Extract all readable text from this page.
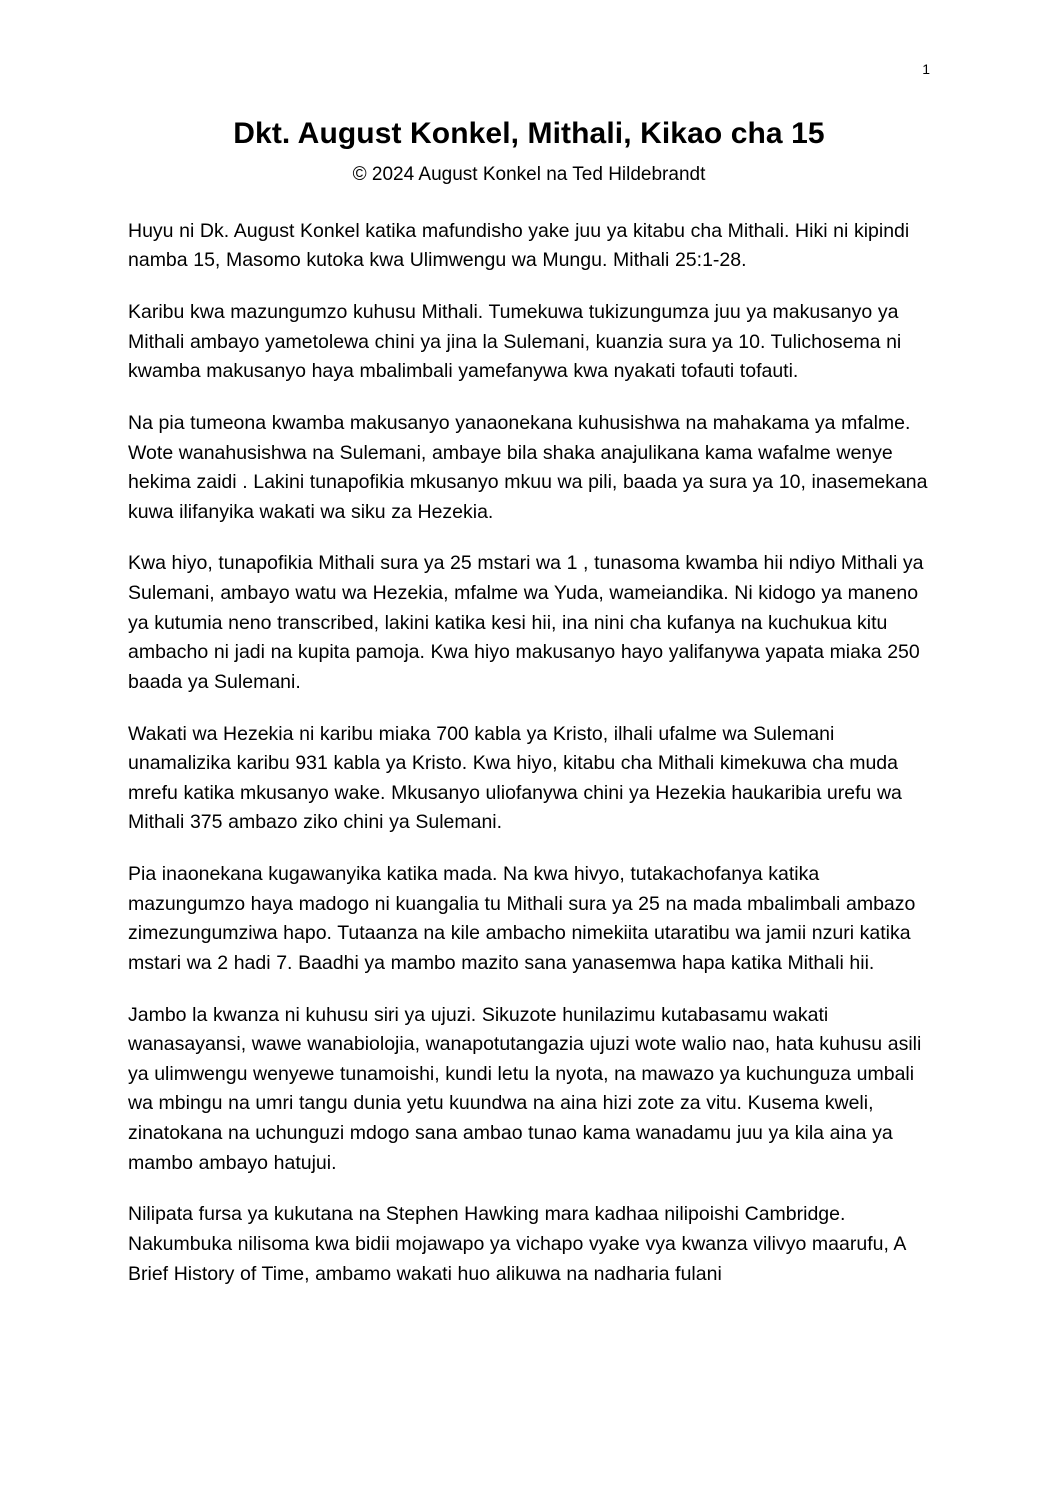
1
Dkt. August Konkel, Mithali, Kikao cha 15
© 2024 August Konkel na Ted Hildebrandt

Huyu ni Dk. August Konkel katika mafundisho yake juu ya kitabu cha Mithali. Hiki ni kipindi namba 15, Masomo kutoka kwa Ulimwengu wa Mungu. Mithali 25:1-28.

Karibu kwa mazungumzo kuhusu Mithali. Tumekuwa tukizungumza juu ya makusanyo ya Mithali ambayo yametolewa chini ya jina la Sulemani, kuanzia sura ya 10. Tulichosema ni kwamba makusanyo haya mbalimbali yamefanywa kwa nyakati tofauti tofauti.

Na pia tumeona kwamba makusanyo yanaonekana kuhusishwa na mahakama ya mfalme. Wote wanahusishwa na Sulemani, ambaye bila shaka anajulikana kama wafalme wenye hekima zaidi . Lakini tunapofikia mkusanyo mkuu wa pili, baada ya sura ya 10, inasemekana kuwa ilifanyika wakati wa siku za Hezekia.

Kwa hiyo, tunapofikia Mithali sura ya 25 mstari wa 1 , tunasoma kwamba hii ndiyo Mithali ya Sulemani, ambayo watu wa Hezekia, mfalme wa Yuda, wameiandika. Ni kidogo ya maneno ya kutumia neno transcribed, lakini katika kesi hii, ina nini cha kufanya na kuchukua kitu ambacho ni jadi na kupita pamoja. Kwa hiyo makusanyo hayo yalifanywa yapata miaka 250 baada ya Sulemani.

Wakati wa Hezekia ni karibu miaka 700 kabla ya Kristo, ilhali ufalme wa Sulemani unamalizika karibu 931 kabla ya Kristo. Kwa hiyo, kitabu cha Mithali kimekuwa cha muda mrefu katika mkusanyo wake. Mkusanyo uliofanywa chini ya Hezekia haukaribia urefu wa Mithali 375 ambazo ziko chini ya Sulemani.

Pia inaonekana kugawanyika katika mada. Na kwa hivyo, tutakachofanya katika mazungumzo haya madogo ni kuangalia tu Mithali sura ya 25 na mada mbalimbali ambazo zimezungumziwa hapo. Tutaanza na kile ambacho nimekiita utaratibu wa jamii nzuri katika mstari wa 2 hadi 7. Baadhi ya mambo mazito sana yanasemwa hapa katika Mithali hii.

Jambo la kwanza ni kuhusu siri ya ujuzi. Sikuzote hunilazimu kutabasamu wakati wanasayansi, wawe wanabiolojia, wanapotutangazia ujuzi wote walio nao, hata kuhusu asili ya ulimwengu wenyewe tunamoishi, kundi letu la nyota, na mawazo ya kuchunguza umbali wa mbingu na umri tangu dunia yetu kuundwa na aina hizi zote za vitu. Kusema kweli, zinatokana na uchunguzi mdogo sana ambao tunao kama wanadamu juu ya kila aina ya mambo ambayo hatujui.

Nilipata fursa ya kukutana na Stephen Hawking mara kadhaa nilipoishi Cambridge. Nakumbuka nilisoma kwa bidii mojawapo ya vichapo vyake vya kwanza vilivyo maarufu, A Brief History of Time, ambamo wakati huo alikuwa na nadharia fulani
